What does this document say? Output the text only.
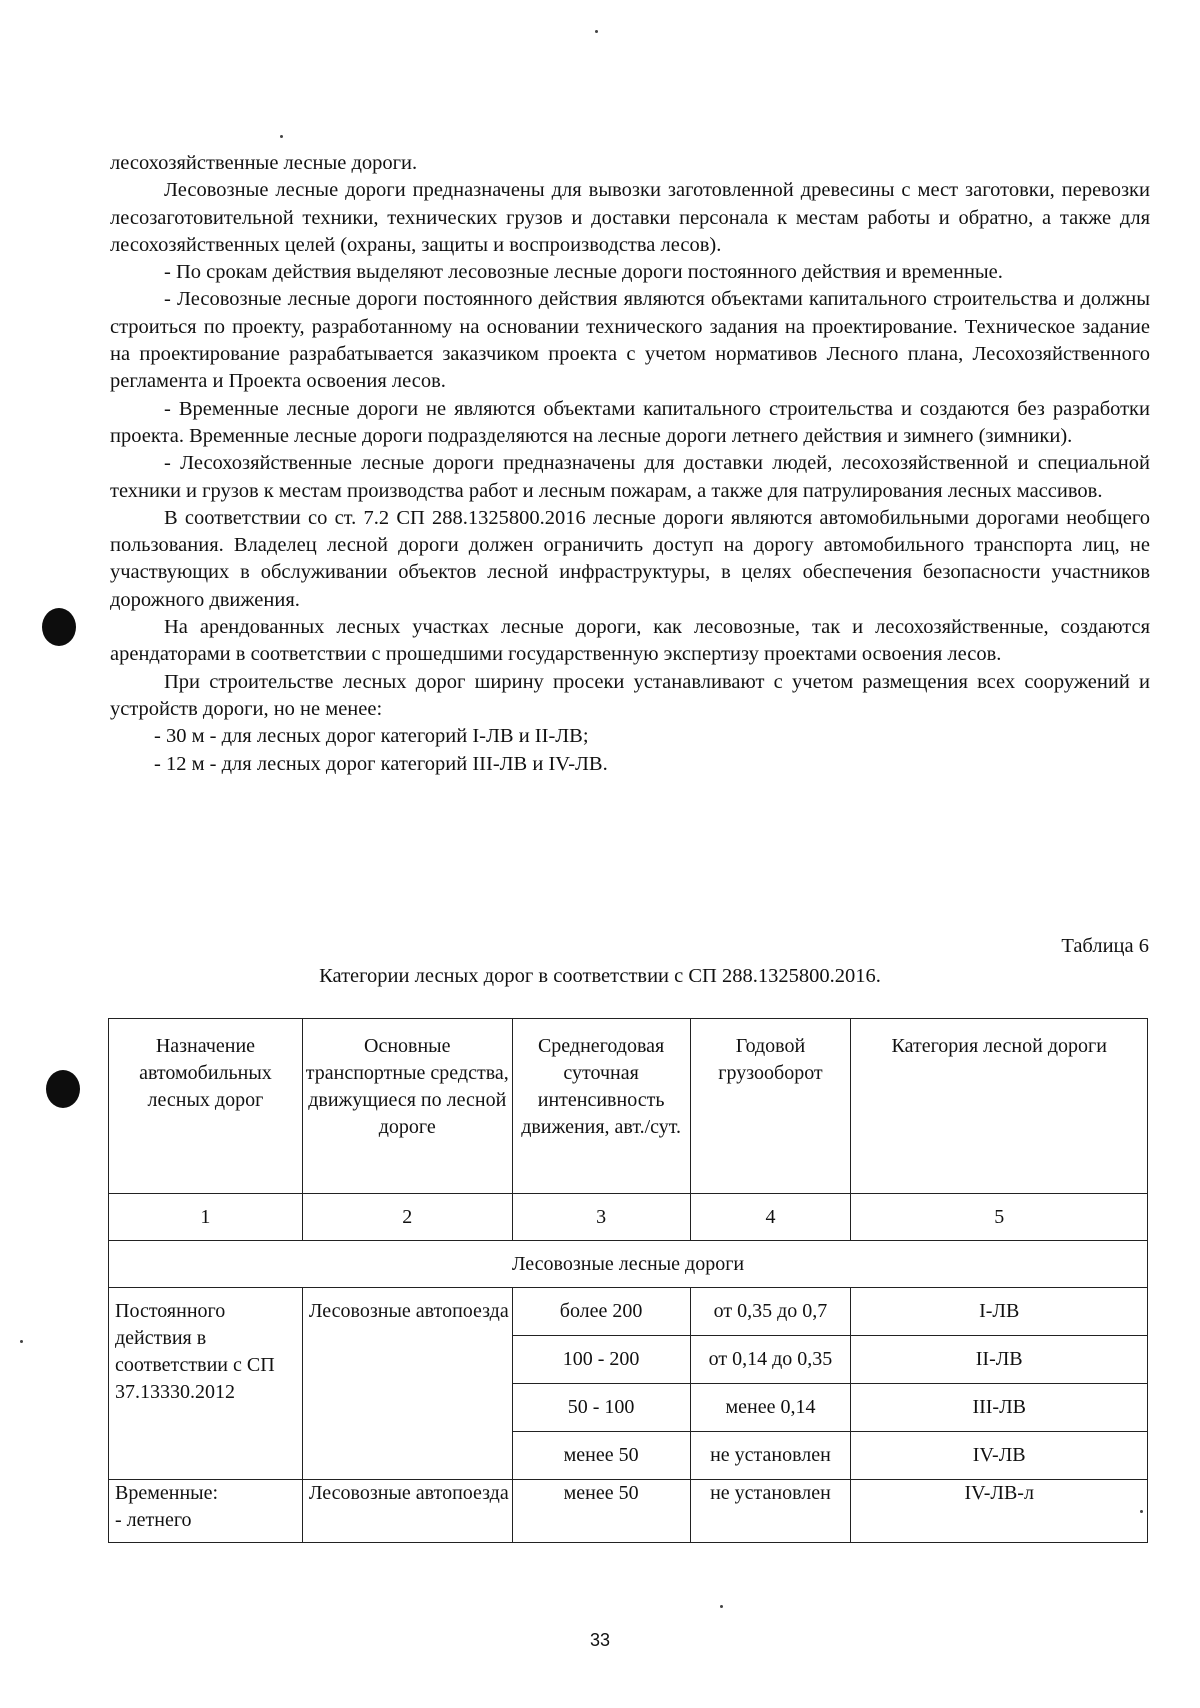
лесохозяйственные лесные дороги.

Лесовозные лесные дороги предназначены для вывозки заготовленной древесины с мест заготовки, перевозки лесозаготовительной техники, технических грузов и доставки персонала к местам работы и обратно, а также для лесохозяйственных целей (охраны, защиты и воспроизводства лесов).

- По срокам действия выделяют лесовозные лесные дороги постоянного действия и временные.

- Лесовозные лесные дороги постоянного действия являются объектами капитального строительства и должны строиться по проекту, разработанному на основании технического задания на проектирование. Техническое задание на проектирование разрабатывается заказчиком проекта с учетом нормативов Лесного плана, Лесохозяйственного регламента и Проекта освоения лесов.

- Временные лесные дороги не являются объектами капитального строительства и создаются без разработки проекта. Временные лесные дороги подразделяются на лесные дороги летнего действия и зимнего (зимники).

- Лесохозяйственные лесные дороги предназначены для доставки людей, лесохозяйственной и специальной техники и грузов к местам производства работ и лесным пожарам, а также для патрулирования лесных массивов.

В соответствии со ст. 7.2 СП 288.1325800.2016 лесные дороги являются автомобильными дорогами необщего пользования. Владелец лесной дороги должен ограничить доступ на дорогу автомобильного транспорта лиц, не участвующих в обслуживании объектов лесной инфраструктуры, в целях обеспечения безопасности участников дорожного движения.

На арендованных лесных участках лесные дороги, как лесовозные, так и лесохозяйственные, создаются арендаторами в соответствии с прошедшими государственную экспертизу проектами освоения лесов.

При строительстве лесных дорог ширину просеки устанавливают с учетом размещения всех сооружений и устройств дороги, но не менее:

- 30 м - для лесных дорог категорий I-ЛВ и II-ЛВ;

- 12 м - для лесных дорог категорий III-ЛВ и IV-ЛВ.

Таблица 6
Категории лесных дорог в соответствии с СП 288.1325800.2016.
Назначение автомобильных лесных дорог	Основные транспортные средства, движущиеся по лесной дороге	Среднегодовая суточная интенсивность движения, авт./сут.	Годовой грузооборот	Категория лесной дороги
1	2	3	4	5
Лесовозные лесные дороги				
Постоянного действия в соответствии с СП 37.13330.2012	Лесовозные автопоезда	более 200	от 0,35 до 0,7	I-ЛВ
		100 - 200	от 0,14 до 0,35	II-ЛВ
		50 - 100	менее 0,14	III-ЛВ
		менее 50	не установлен	IV-ЛВ

Временные:
- летнего	Лесовозные автопоезда	менее 50	не установлен	IV-ЛВ-л
33
